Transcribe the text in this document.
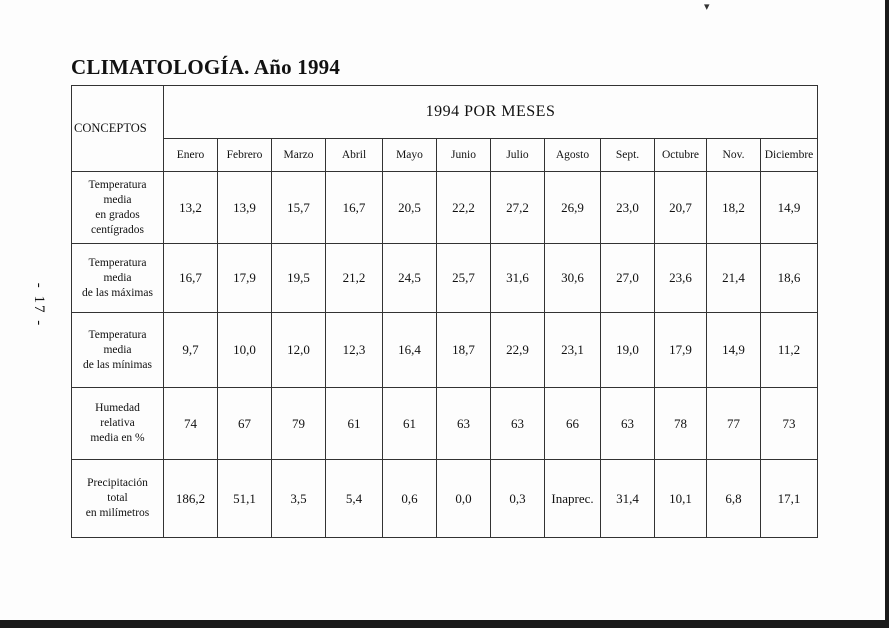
▾
CLIMATOLOGÍA. Año 1994
- 17 -
CONCEPTOS	1994 POR MESES											
	Enero	Febrero	Marzo	Abril	Mayo	Junio	Julio	Agosto	Sept.	Octubre	Nov.	Diciembre

Temperatura
media
en grados
centígrados	13,2	13,9	15,7	16,7	20,5	22,2	27,2	26,9	23,0	20,7	18,2	14,9

Temperatura
media
de las máximas	16,7	17,9	19,5	21,2	24,5	25,7	31,6	30,6	27,0	23,6	21,4	18,6

Temperatura
media
de las mínimas	9,7	10,0	12,0	12,3	16,4	18,7	22,9	23,1	19,0	17,9	14,9	11,2

Humedad
relativa
media en %	74	67	79	61	61	63	63	66	63	78	77	73

Precipitación
total
en milímetros	186,2	51,1	3,5	5,4	0,6	0,0	0,3	Inaprec.	31,4	10,1	6,8	17,1
